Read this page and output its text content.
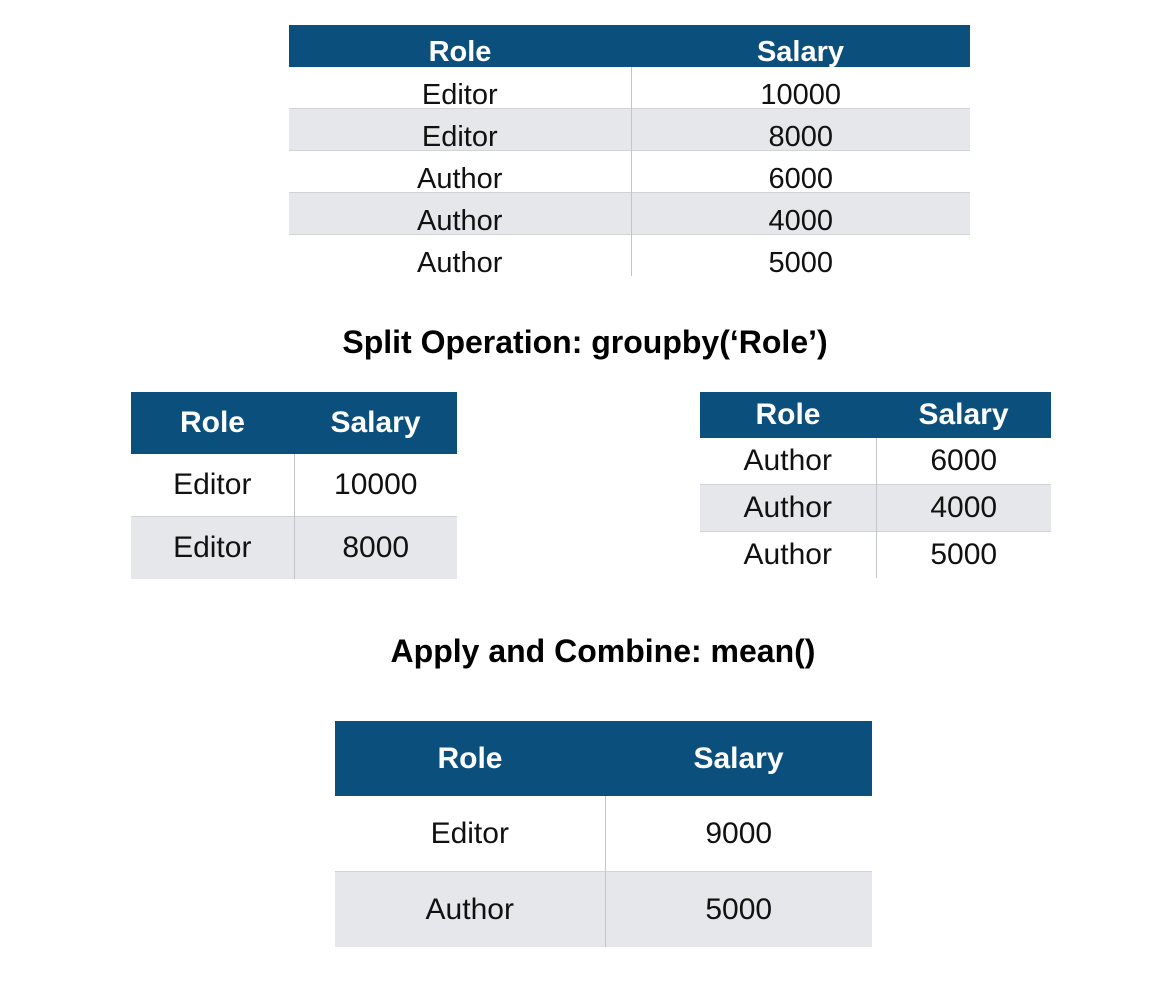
Role	Salary
Editor	10000
Editor	8000
Author	6000
Author	4000
Author	5000
Split Operation: groupby(‘Role’)
Role	Salary
Editor	10000
Editor	8000
Role	Salary
Author	6000
Author	4000
Author	5000
Apply and Combine: mean()
Role	Salary
Editor	9000
Author	5000
